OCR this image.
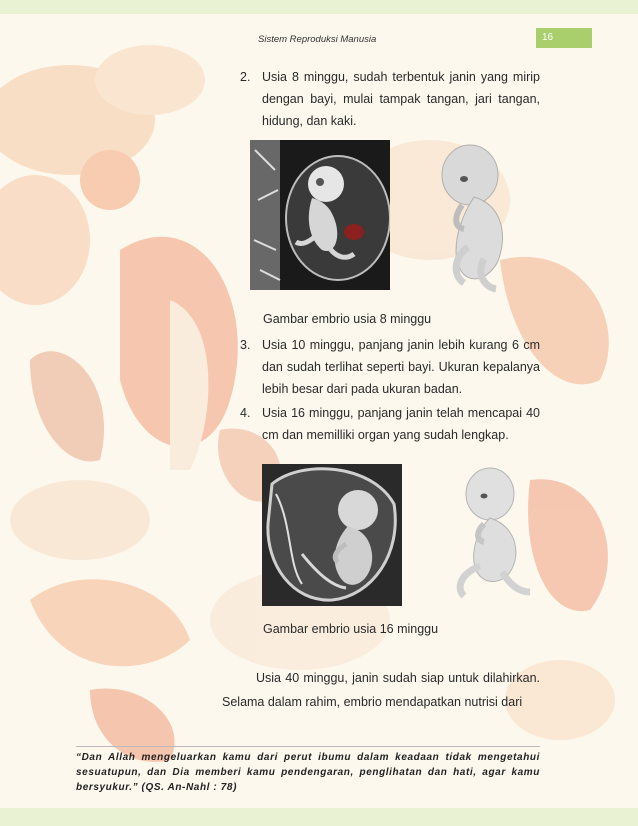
Sistem Reproduksi Manusia	16
2. Usia 8 minggu, sudah terbentuk janin yang mirip dengan bayi, mulai tampak tangan, jari tangan, hidung, dan kaki.
Gambar embrio usia 8 minggu
3. Usia 10 minggu, panjang janin lebih kurang 6 cm dan sudah terlihat seperti bayi. Ukuran kepalanya lebih besar dari pada ukuran badan.
4. Usia 16 minggu, panjang janin telah mencapai 40 cm dan memilliki organ yang sudah lengkap.
Gambar embrio usia 16 minggu
Usia 40 minggu, janin sudah siap untuk dilahirkan. Selama dalam rahim, embrio mendapatkan nutrisi dari
“Dan Allah mengeluarkan kamu dari perut ibumu dalam keadaan tidak mengetahui sesuatupun, dan Dia memberi kamu pendengaran, penglihatan dan hati, agar kamu bersyukur.” (QS. An-Nahl : 78)
